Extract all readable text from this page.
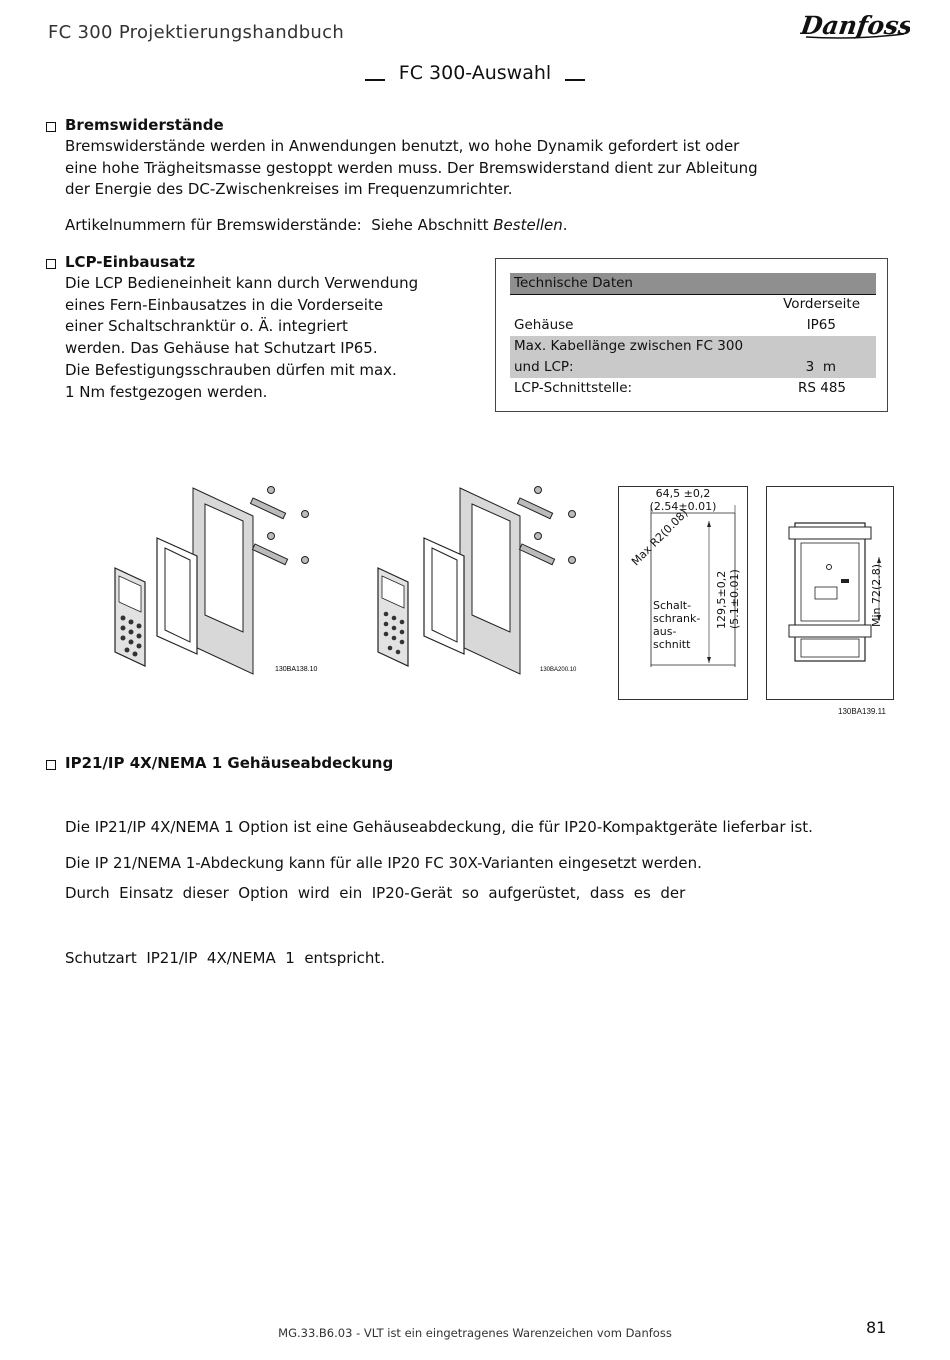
FC 300 Projektierungshandbuch	Danfoss
FC 300-Auswahl
Bremswiderstände
Bremswiderstände werden in Anwendungen benutzt, wo hohe Dynamik gefordert ist oder
eine hohe Trägheitsmasse gestoppt werden muss. Der Bremswiderstand dient zur Ableitung
der Energie des DC-Zwischenkreises im Frequenzumrichter.
Artikelnummern für Bremswiderstände:  Siehe Abschnitt Bestellen.
LCP-Einbausatz
Die LCP Bedieneinheit kann durch Verwendung
eines Fern-Einbausatzes in die Vorderseite
einer Schaltschranktür o. Ä. integriert
werden. Das Gehäuse hat Schutzart IP65.
Die Befestigungsschrauben dürfen mit max.
1 Nm festgezogen werden.
Technische Daten
Vorderseite
Gehäuse	IP65
Max. Kabellänge zwischen FC 300
und LCP:	3  m
LCP-Schnittstelle:	RS 485
130BA138.10	130BA200.10
64,5 ±0,2
(2.54±0.01)
Max R2(0.08)
Schalt-
schrank-
aus-
schnitt
129,5±0,2 (5.1±0.01)	Min 72(2.8)
130BA139.11
IP21/IP 4X/NEMA 1 Gehäuseabdeckung

Die IP21/IP 4X/NEMA 1 Option ist eine Gehäuseabdeckung, die für IP20-Kompaktgeräte lieferbar ist.

Durch  Einsatz  dieser  Option  wird  ein  IP20-Gerät  so  aufgerüstet,  dass  es  der

Schutzart  IP21/IP  4X/NEMA  1  entspricht.

Die IP 21/NEMA 1-Abdeckung kann für alle IP20 FC 30X-Varianten eingesetzt werden.
MG.33.B6.03 - VLT ist ein eingetragenes Warenzeichen vom Danfoss	81
